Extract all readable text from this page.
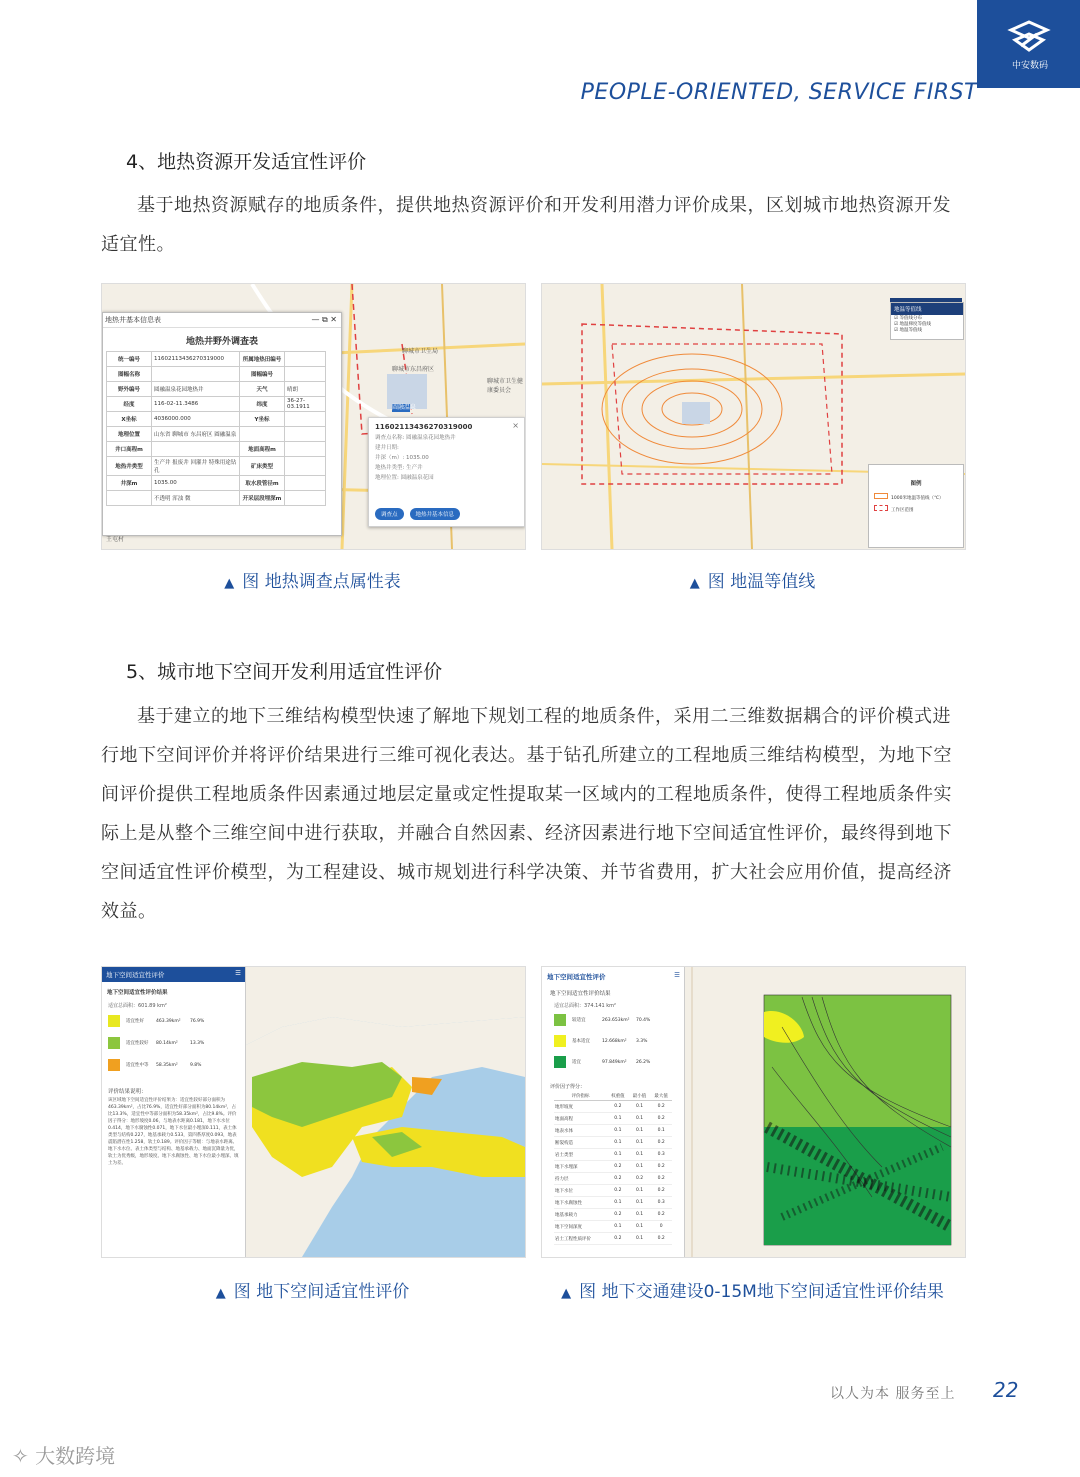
中安数码
PEOPLE-ORIENTED, SERVICE FIRST
4、地热资源开发适宜性评价

基于地热资源赋存的地质条件，提供地热资源评价和开发利用潜力评价成果，区划城市地热资源开发适宜性。

聊城市卫生局
聊城市东昌府区
聊城市卫生健康委员会
圆融温泉
王屯村
地热井基本信息表	— ⧉ ✕
地热井野外调查表
统一编号	11602113436270319000	所属地热田编号	
图幅名称		图幅编号	
野外编号	圆融温泉花园地热井	天气	晴朗
经度	116-02-11.3486	纬度	36-27-03.1911
X坐标	4036000.000	Y坐标	
地理位置	山东省 聊城市 东昌府区 圆融温泉		
井口高程m		地面高程m	
地热井类型	生产井 报废井 回灌井 特殊用途钻孔	矿床类型	
井深m	1035.00	取水段管径m	
	不透明 浑浊 微	开采层段埋深m	
11602113436270319000	×
调查点名称: 圆融温泉花园地热井
建井日期:
井深（m）: 1035.00
地热井类型: 生产井
地理位置: 圆融温泉花园
调查点	地热井基本信息
▲ 图 地热调查点属性表
地温等值线
☑ 等值线分布
☑ 地温梯度等值线
☑ 地温等值线
图例
1000米地温等值线（℃）
工作区范围
▲ 图 地温等值线
5、城市地下空间开发利用适宜性评价

基于建立的地下三维结构模型快速了解地下规划工程的地质条件，采用二三维数据耦合的评价模式进行地下空间评价并将评价结果进行三维可视化表达。基于钻孔所建立的工程地质三维结构模型，为地下空间评价提供工程地质条件因素通过地层定量或定性提取某一区域内的工程地质条件，使得工程地质条件实际上是从整个三维空间中进行获取，并融合自然因素、经济因素进行地下空间适宜性评价，最终得到地下空间适宜性评价模型，为工程建设、城市规划进行科学决策、并节省费用，扩大社会应用价值，提高经济效益。

地下空间适宜性评价	☰
地下空间适宜性评价结果
适宜总面积：601.89 km²
适宜性好	463.39km²	76.9%
适宜性较好	80.14km²	13.3%
适宜性中等	58.35km²	9.8%
评价结果说明：
该区域地下空间适宜性评价结果为：适宜性较好部分面积为463.39km²，占比76.9%，适宜性好部分面积为80.14km²，占比13.3%，适宜性中等部分面积为58.35km²，占比9.8%。评价因子得分：地形坡度0.06，与地表水距离0.181，地下水水位0.414，地下水腐蚀性0.071，地下水位最小埋深0.111，表土体类型与结构0.227，地基承载力0.533，第四系厚度0.093，地表震陷潜在性1.258，软土0.189。评价因子等级：与地表水距离、地下水水位、表土体类型与结构、地基承载力、地面沉降量为优，软土为优秀级，地形坡度、地下水腐蚀性、地下水位最小埋深、填土为差。
▲ 图 地下空间适宜性评价
地下空间适宜性评价	☰
地下空间适宜性评价结果
适宜总面积：374.141 km²
较适宜	263.653km²	70.4%
基本适宜	12.668km²	3.3%
适宜	97.849km²	26.2%
评价因子得分：
评价指标	权重值	最小值	最大值
地形坡度	0.2	0.1	0.2
地面高程	0.1	0.1	0.2
地表水体	0.1	0.1	0.1
断裂构造	0.1	0.1	0.2
岩土类型	0.1	0.1	0.3
地下水埋深	0.2	0.1	0.2
持力层	0.2	0.2	0.2
地下水位	0.2	0.1	0.2
地下水腐蚀性	0.1	0.1	0.3
地基承载力	0.2	0.1	0.2
地下空间深度	0.1	0.1	0
岩土工程性质评价	0.2	0.1	0.2
▲ 图 地下交通建设0-15M地下空间适宜性评价结果
以人为本 服务至上 22
✧ 大数跨境
